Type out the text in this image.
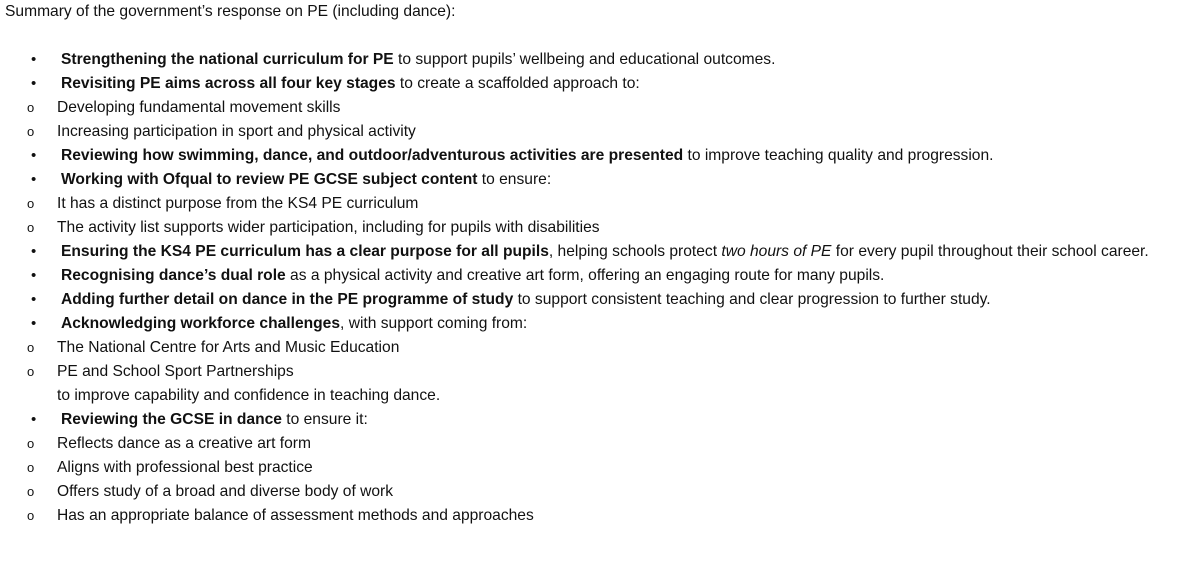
Summary of the government’s response on PE (including dance):
• Strengthening the national curriculum for PE to support pupils’ wellbeing and educational outcomes.
• Revisiting PE aims across all four key stages to create a scaffolded approach to:
o Developing fundamental movement skills
o Increasing participation in sport and physical activity
• Reviewing how swimming, dance, and outdoor/adventurous activities are presented to improve teaching quality and progression.
• Working with Ofqual to review PE GCSE subject content to ensure:
o It has a distinct purpose from the KS4 PE curriculum
o The activity list supports wider participation, including for pupils with disabilities
• Ensuring the KS4 PE curriculum has a clear purpose for all pupils, helping schools protect two hours of PE for every pupil throughout their school career.
• Recognising dance’s dual role as a physical activity and creative art form, offering an engaging route for many pupils.
• Adding further detail on dance in the PE programme of study to support consistent teaching and clear progression to further study.
• Acknowledging workforce challenges, with support coming from:
o The National Centre for Arts and Music Education
o PE and School Sport Partnerships
to improve capability and confidence in teaching dance.
• Reviewing the GCSE in dance to ensure it:
o Reflects dance as a creative art form
o Aligns with professional best practice
o Offers study of a broad and diverse body of work
o Has an appropriate balance of assessment methods and approaches
